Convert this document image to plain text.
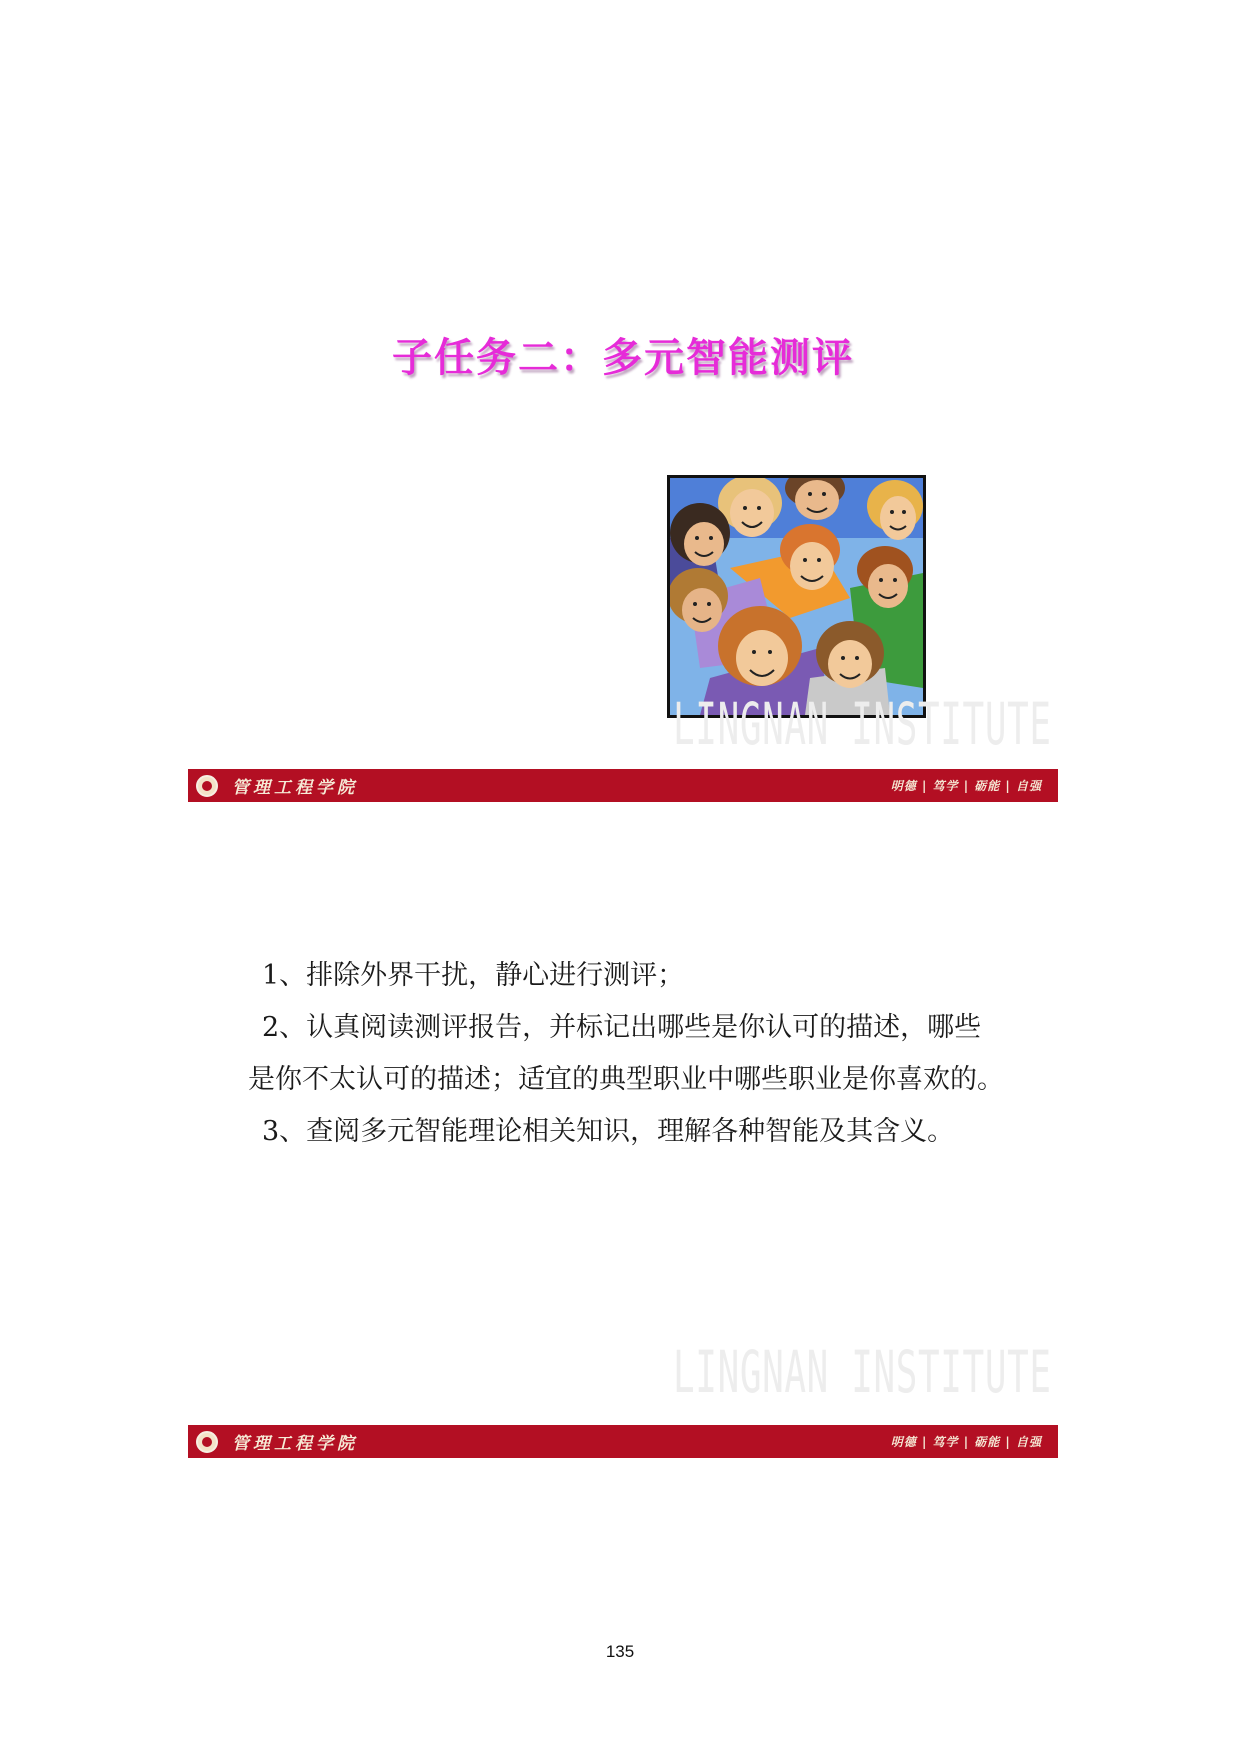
子任务二：多元智能测评
LINGNAN INSTITUTE
管理工程学院	明德 | 笃学 | 砺能 | 自强

1、排除外界干扰，静心进行测评；

2、认真阅读测评报告，并标记出哪些是你认可的描述，哪些是你不太认可的描述；适宜的典型职业中哪些职业是你喜欢的。

3、查阅多元智能理论相关知识，理解各种智能及其含义。

LINGNAN INSTITUTE
管理工程学院	明德 | 笃学 | 砺能 | 自强
135
